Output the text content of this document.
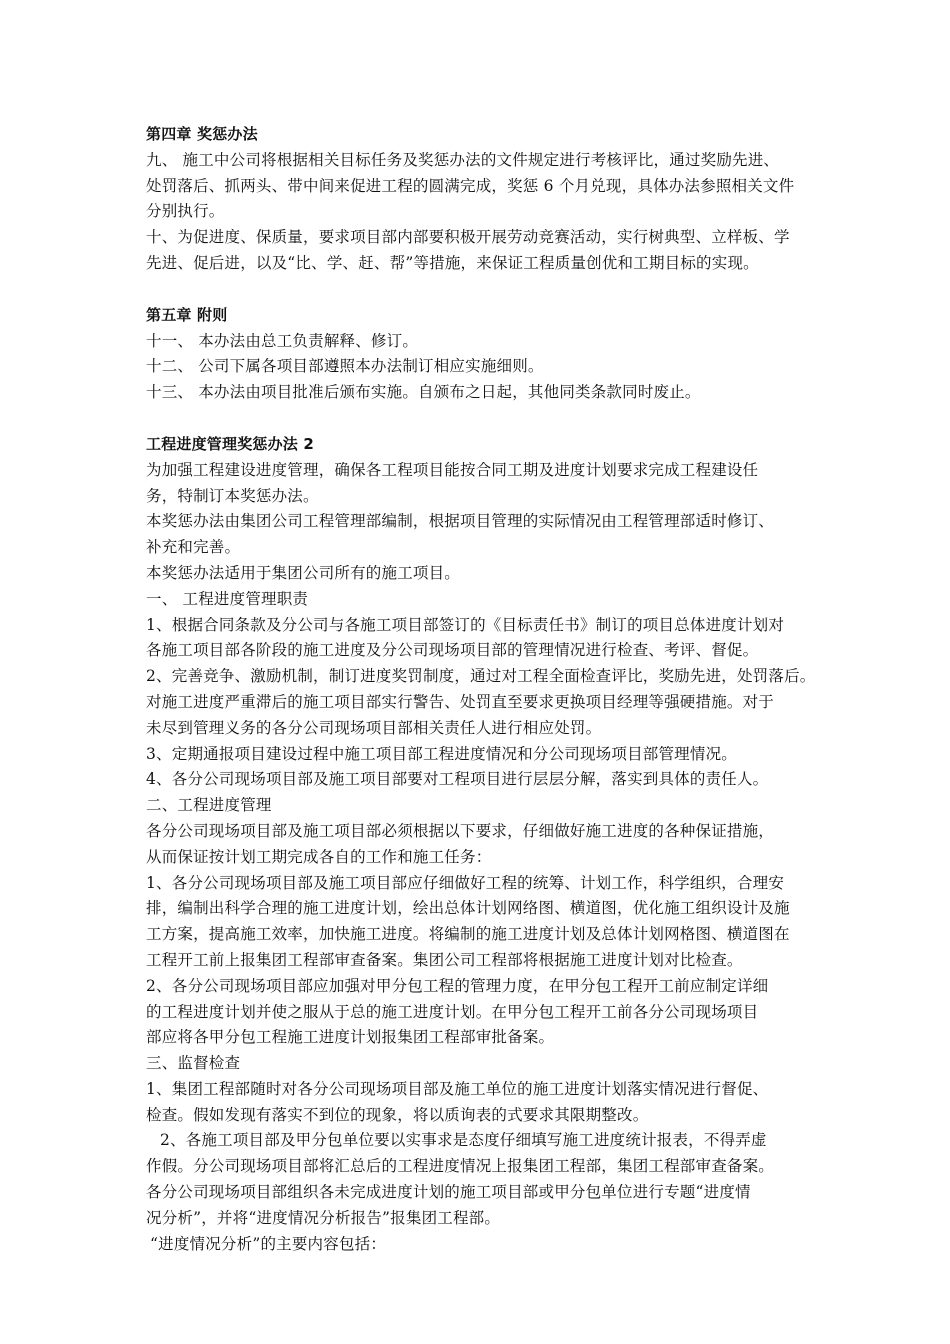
第四章 奖惩办法

九、 施工中公司将根据相关目标任务及奖惩办法的文件规定进行考核评比，通过奖励先进、

处罚落后、抓两头、带中间来促进工程的圆满完成，奖惩 6 个月兑现，具体办法参照相关文件

分别执行。

十、为促进度、保质量，要求项目部内部要积极开展劳动竞赛活动，实行树典型、立样板、学

先进、促后进，以及“比、学、赶、帮”等措施，来保证工程质量创优和工期目标的实现。

第五章 附则

十一、 本办法由总工负责解释、修订。

十二、 公司下属各项目部遵照本办法制订相应实施细则。

十三、 本办法由项目批准后颁布实施。自颁布之日起，其他同类条款同时废止。

工程进度管理奖惩办法 2

为加强工程建设进度管理，确保各工程项目能按合同工期及进度计划要求完成工程建设任

务，特制订本奖惩办法。

本奖惩办法由集团公司工程管理部编制，根据项目管理的实际情况由工程管理部适时修订、

补充和完善。

本奖惩办法适用于集团公司所有的施工项目。

一、 工程进度管理职责

1、根据合同条款及分公司与各施工项目部签订的《目标责任书》制订的项目总体进度计划对

各施工项目部各阶段的施工进度及分公司现场项目部的管理情况进行检查、考评、督促。

2、完善竞争、激励机制，制订进度奖罚制度，通过对工程全面检查评比，奖励先进，处罚落后。

对施工进度严重滞后的施工项目部实行警告、处罚直至要求更换项目经理等强硬措施。对于

未尽到管理义务的各分公司现场项目部相关责任人进行相应处罚。

3、定期通报项目建设过程中施工项目部工程进度情况和分公司现场项目部管理情况。

4、各分公司现场项目部及施工项目部要对工程项目进行层层分解，落实到具体的责任人。

二、工程进度管理

各分公司现场项目部及施工项目部必须根据以下要求，仔细做好施工进度的各种保证措施，

从而保证按计划工期完成各自的工作和施工任务：

1、各分公司现场项目部及施工项目部应仔细做好工程的统筹、计划工作，科学组织，合理安

排，编制出科学合理的施工进度计划，绘出总体计划网络图、横道图，优化施工组织设计及施

工方案，提高施工效率，加快施工进度。将编制的施工进度计划及总体计划网格图、横道图在

工程开工前上报集团工程部审查备案。集团公司工程部将根据施工进度计划对比检查。

2、各分公司现场项目部应加强对甲分包工程的管理力度，在甲分包工程开工前应制定详细

的工程进度计划并使之服从于总的施工进度计划。在甲分包工程开工前各分公司现场项目

部应将各甲分包工程施工进度计划报集团工程部审批备案。

三、监督检查

1、集团工程部随时对各分公司现场项目部及施工单位的施工进度计划落实情况进行督促、

检查。假如发现有落实不到位的现象，将以质询表的式要求其限期整改。

2、各施工项目部及甲分包单位要以实事求是态度仔细填写施工进度统计报表，不得弄虚

作假。分公司现场项目部将汇总后的工程进度情况上报集团工程部，集团工程部审查备案。

各分公司现场项目部组织各未完成进度计划的施工项目部或甲分包单位进行专题“进度情

况分析”，并将“进度情况分析报告”报集团工程部。

“进度情况分析”的主要内容包括：
